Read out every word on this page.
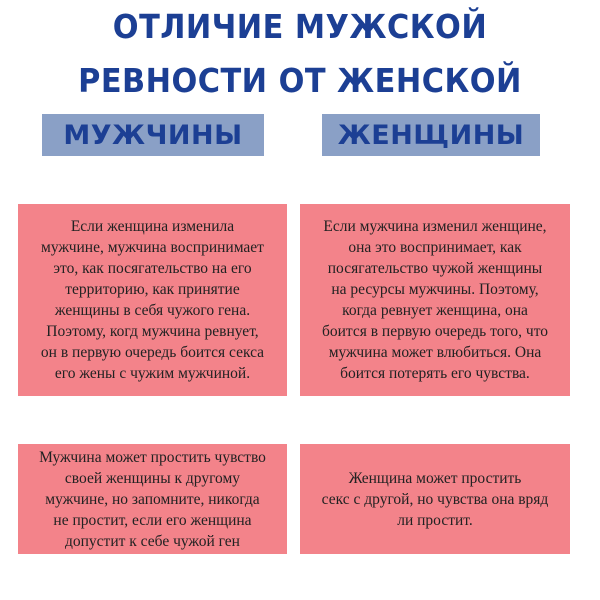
ОТЛИЧИЕ МУЖСКОЙ
РЕВНОСТИ ОТ ЖЕНСКОЙ
МУЖЧИНЫ	ЖЕНЩИНЫ
Если женщина изменила
мужчине, мужчина воспринимает
это, как посягательство на его
территорию, как принятие
женщины в себя чужого гена.
Поэтому, когд мужчина ревнует,
он в первую очередь боится секса
его жены с чужим мужчиной.
Если мужчина изменил женщине,
она это воспринимает, как
посягательство чужой женщины
на ресурсы мужчины. Поэтому,
когда ревнует женщина, она
боится в первую очередь того, что
мужчина может влюбиться. Она
боится потерять его чувства.
Мужчина может простить чувство
своей женщины к другому
мужчине, но запомните, никогда
не простит, если его женщина
допустит к себе чужой ген
Женщина может простить
секс с другой, но чувства она вряд
ли простит.
